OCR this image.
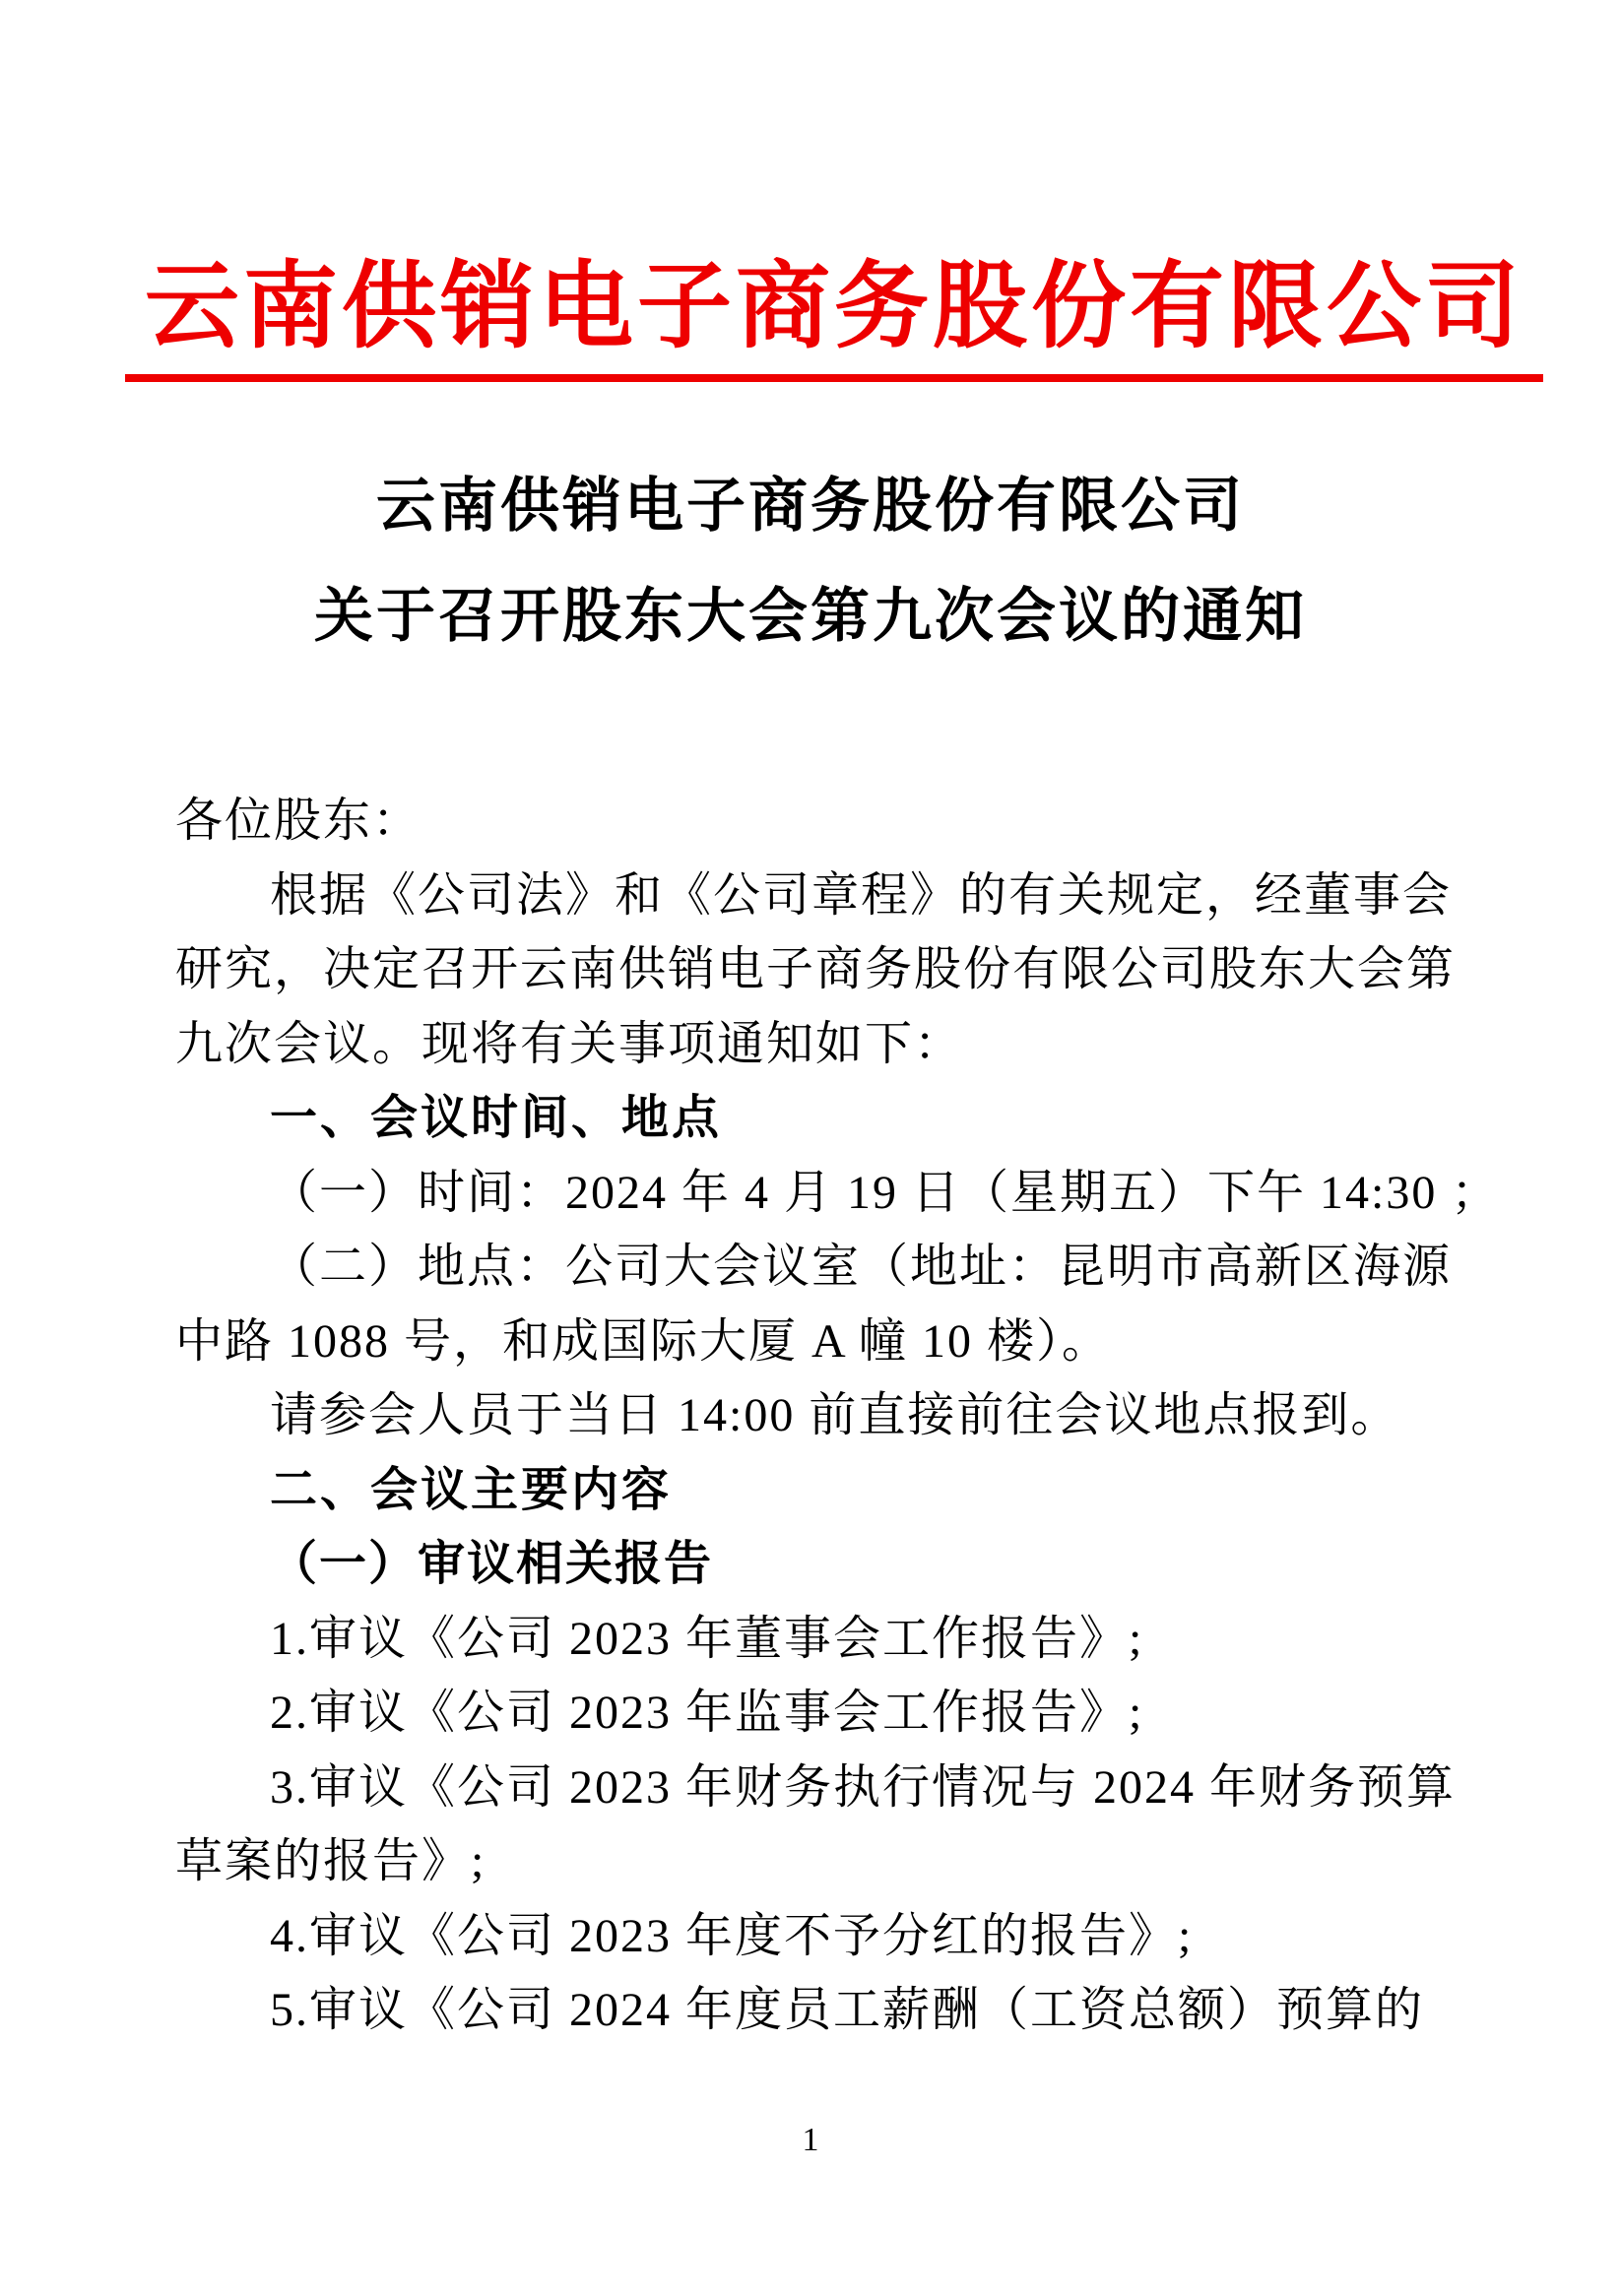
云南供销电子商务股份有限公司
云南供销电子商务股份有限公司
关于召开股东大会第九次会议的通知
各位股东：
根据《公司法》和《公司章程》的有关规定，经董事会
研究，决定召开云南供销电子商务股份有限公司股东大会第
九次会议。现将有关事项通知如下：
一、会议时间、地点
（一）时间：2024 年 4 月 19 日（星期五）下午 14:30 ；
（二）地点：公司大会议室（地址：昆明市高新区海源
中路 1088 号，和成国际大厦 A 幢 10 楼）。
请参会人员于当日 14:00 前直接前往会议地点报到。
二、会议主要内容
（一）审议相关报告
1.审议《公司 2023 年董事会工作报告》;
2.审议《公司 2023 年监事会工作报告》;
3.审议《公司 2023 年财务执行情况与 2024 年财务预算
草案的报告》;
4.审议《公司 2023 年度不予分红的报告》;
5.审议《公司 2024 年度员工薪酬（工资总额）预算的
1
